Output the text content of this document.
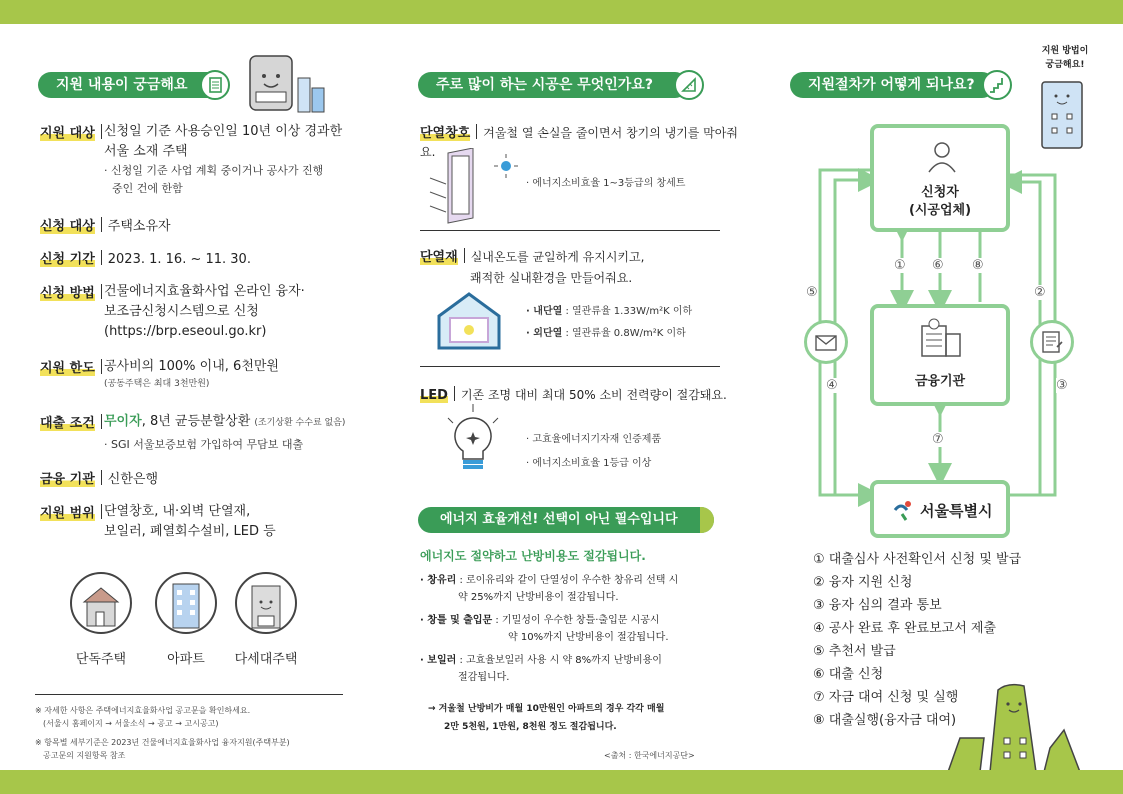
지원 내용이 궁금해요
지원 대상 신청일 기준 사용승인일 10년 이상 경과한
서울 소재 주택
· 신청일 기준 사업 계획 중이거나 공사가 진행
중인 건에 한함
신청 대상 주택소유자
신청 기간 2023. 1. 16. ~ 11. 30.
신청 방법 건물에너지효율화사업 온라인 융자·
보조금신청시스템으로 신청
(https://brp.eseoul.go.kr)
지원 한도 공사비의 100% 이내, 6천만원
(공동주택은 최대 3천만원)
대출 조건 무이자, 8년 균등분할상환 (조기상환 수수료 없음)
· SGI 서울보증보험 가입하여 무담보 대출
금융 기관 신한은행
지원 범위 단열창호, 내·외벽 단열재,
보일러, 폐열회수설비, LED 등
단독주택	아파트	다세대주택
※ 자세한 사항은 주택에너지효율화사업 공고문을 확인하세요.
(서울시 홈페이지 → 서울소식 → 공고 → 고시공고)
※ 항목별 세부기준은 2023년 건물에너지효율화사업 융자지원(주택부분)
공고문의 지원항목 참조
주로 많이 하는 시공은 무엇인가요?
단열창호 겨울철 열 손실을 줄이면서 창기의 냉기를 막아줘요.
· 에너지소비효율 1~3등급의 창세트
단열재 실내온도를 균일하게 유지시키고,
쾌적한 실내환경을 만들어줘요.
· 내단열 : 열관류율 1.33W/m²K 이하
· 외단열 : 열관류율 0.8W/m²K 이하
LED 기존 조명 대비 최대 50% 소비 전력량이 절감돼요.
· 고효율에너지기자재 인증제품
· 에너지소비효율 1등급 이상
에너지 효율개선! 선택이 아닌 필수입니다
에너지도 절약하고 난방비용도 절감됩니다.
· 창유리 : 로이유리와 같이 단열성이 우수한 창유리 선택 시
약 25%까지 난방비용이 절감됩니다.
· 창틀 및 출입문 : 기밀성이 우수한 창틀·출입문 시공시
약 10%까지 난방비용이 절감됩니다.
· 보일러 : 고효율보일러 사용 시 약 8%까지 난방비용이
절감됩니다.
→ 겨울철 난방비가 매월 10만원인 아파트의 경우 각각 매월
2만 5천원, 1만원, 8천원 정도 절감됩니다.
<출처 : 한국에너지공단>
지원절차가 어떻게 되나요?
지원 방법이
궁금해요!
신청자
(시공업체)
금융기관
서울특별시
① ⑥ ⑧
⑤
④
②
③
⑦
① 대출심사 사전확인서 신청 및 발급
② 융자 지원 신청
③ 융자 심의 결과 통보
④ 공사 완료 후 완료보고서 제출
⑤ 추천서 발급
⑥ 대출 신청
⑦ 자금 대여 신청 및 실행
⑧ 대출실행(융자금 대여)
